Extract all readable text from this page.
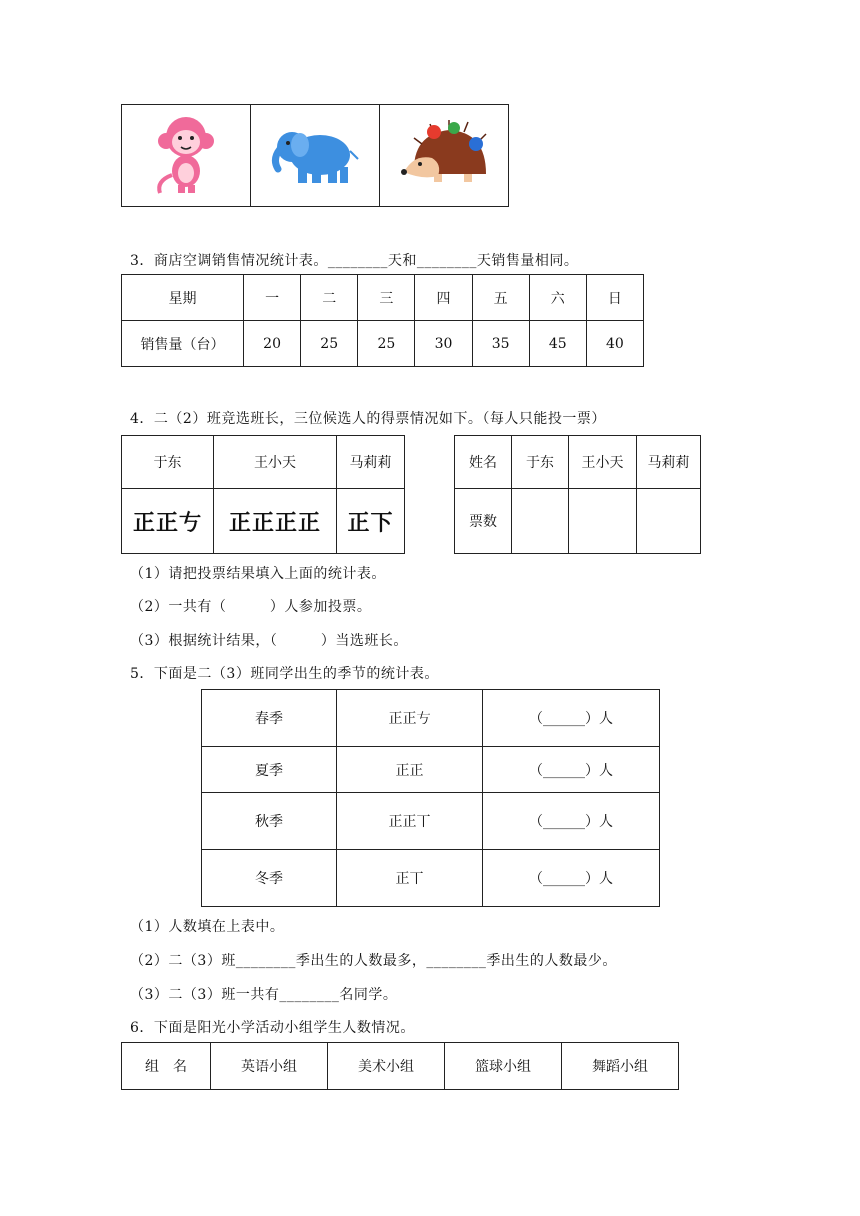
3．商店空调销售情况统计表。________天和________天销售量相同。
星期	一	二	三	四	五	六	日
销售量（台）	20	25	25	30	35	45	40
4．二（2）班竞选班长，三位候选人的得票情况如下。（每人只能投一票）
于东	王小天	马莉莉
正正𠀁	正正正正	正下
姓名	于东	王小天	马莉莉
票数			
（1）请把投票结果填入上面的统计表。
（2）一共有（　　　）人参加投票。
（3）根据统计结果，（　　　）当选班长。
5．下面是二（3）班同学出生的季节的统计表。
春季	正正𠀁	（______）人
夏季	正正	（______）人
秋季	正正丅	（______）人
冬季	正丅	（______）人
（1）人数填在上表中。
（2）二（3）班________季出生的人数最多，________季出生的人数最少。
（3）二（3）班一共有________名同学。
6．下面是阳光小学活动小组学生人数情况。
组　名	英语小组	美术小组	篮球小组	舞蹈小组
